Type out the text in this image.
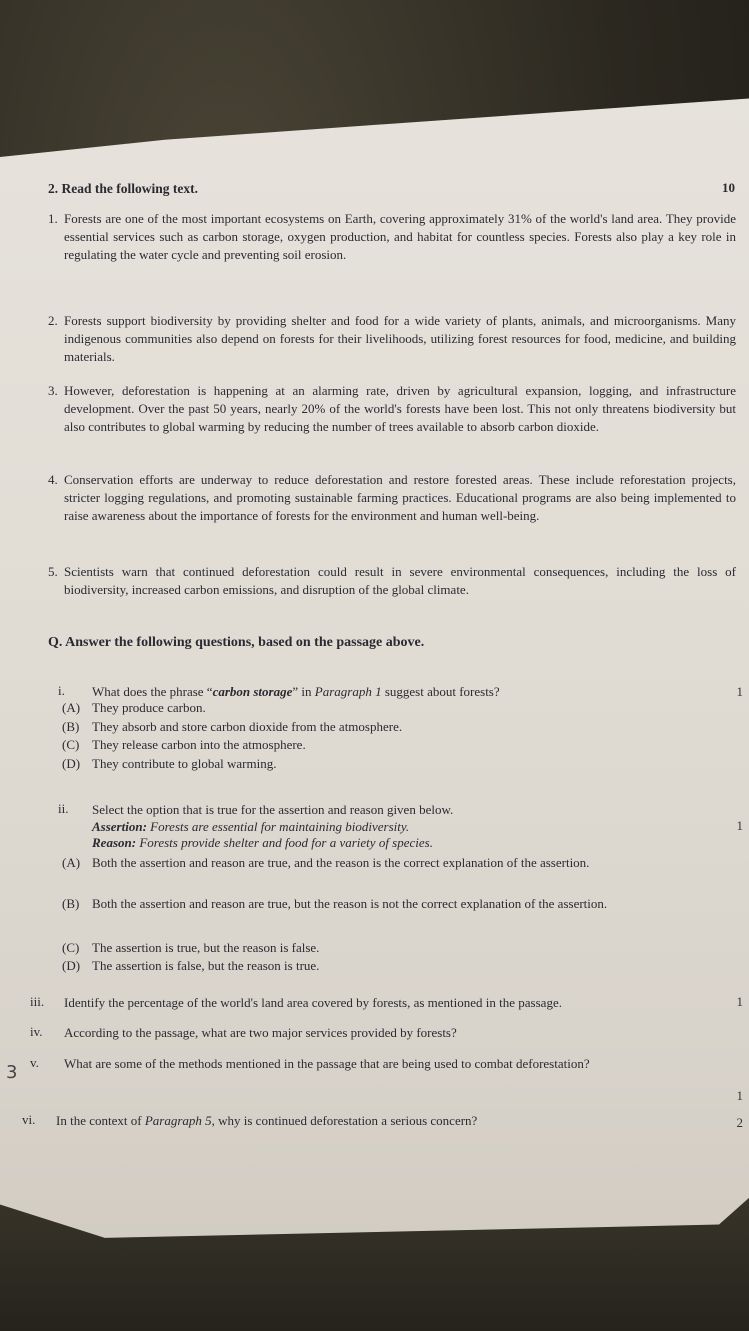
2. Read the following text.	10
1. Forests are one of the most important ecosystems on Earth, covering approximately 31% of the world's land area. They provide essential services such as carbon storage, oxygen production, and habitat for countless species. Forests also play a key role in regulating the water cycle and preventing soil erosion.
2. Forests support biodiversity by providing shelter and food for a wide variety of plants, animals, and microorganisms. Many indigenous communities also depend on forests for their livelihoods, utilizing forest resources for food, medicine, and building materials.
3. However, deforestation is happening at an alarming rate, driven by agricultural expansion, logging, and infrastructure development. Over the past 50 years, nearly 20% of the world's forests have been lost. This not only threatens biodiversity but also contributes to global warming by reducing the number of trees available to absorb carbon dioxide.
4. Conservation efforts are underway to reduce deforestation and restore forested areas. These include reforestation projects, stricter logging regulations, and promoting sustainable farming practices. Educational programs are also being implemented to raise awareness about the importance of forests for the environment and human well-being.
5. Scientists warn that continued deforestation could result in severe environmental consequences, including the loss of biodiversity, increased carbon emissions, and disruption of the global climate.

Q. Answer the following questions, based on the passage above.

i.	What does the phrase “carbon storage” in Paragraph 1 suggest about forests?	1
(A) They produce carbon.
(B) They absorb and store carbon dioxide from the atmosphere.
(C) They release carbon into the atmosphere.
(D) They contribute to global warming.
ii.	Select the option that is true for the assertion and reason given below.
1
Assertion: Forests are essential for maintaining biodiversity.
Reason: Forests provide shelter and food for a variety of species.
(A) Both the assertion and reason are true, and the reason is the correct explanation of the assertion.
(B) Both the assertion and reason are true, but the reason is not the correct explanation of the assertion.
(C) The assertion is true, but the reason is false.
(D) The assertion is false, but the reason is true.
iii.	Identify the percentage of the world's land area covered by forests, as mentioned in the passage.	1
iv.	According to the passage, what are two major services provided by forests?
v.	What are some of the methods mentioned in the passage that are being used to combat deforestation?
1
vi.	In the context of Paragraph 5, why is continued deforestation a serious concern?	2
3
